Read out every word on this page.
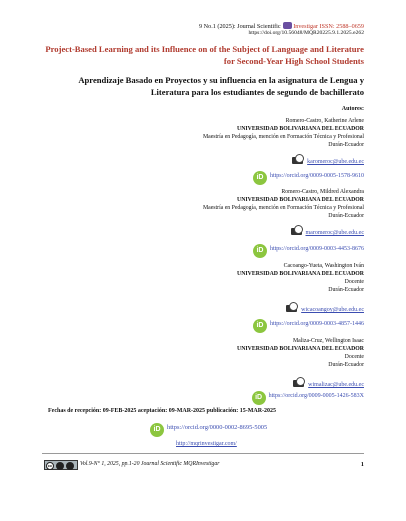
9 No.1 (2025): Journal Scientific Investigar ISSN: 2588–0659
https://doi.org/10.56048/MQR20225.9.1.2025.e262
Project-Based Learning and its Influence on of the Subject of Language and Literature for Second-Year High School Students
Aprendizaje Basado en Proyectos y su influencia en la asignatura de Lengua y Literatura para los estudiantes de segundo de bachillerato
Autores:
Romero-Castro, Katherine Arlene
UNIVERSIDAD BOLIVARIANA DEL ECUADOR
Maestría en Pedagogía, mención en Formación Técnica y Profesional
Durán-Ecuador
karomeroc@ube.edu.ec
iD https://orcid.org/0009-0005-1578-9610
Romero-Castro, Mildred Alexandra
UNIVERSIDAD BOLIVARIANA DEL ECUADOR
Maestría en Pedagogía, mención en Formación Técnica y Profesional
Durán-Ecuador
maromeroc@ube.edu.ec
iD https://orcid.org/0009-0003-4453-8676
Cacoango-Yueta, Washington Iván
UNIVERSIDAD BOLIVARIANA DEL ECUADOR
Docente
Durán-Ecuador
wicacoangoy@ube.edu.ec
iD https://orcid.org/0009-0003-4857-1446
Maliza-Cruz, Wellington Isaac
UNIVERSIDAD BOLIVARIANA DEL ECUADOR
Docente
Durán-Ecuador
wimalizac@ube.edu.ec
iD https://orcid.org/0009-0005-1426-583X
Fechas de recepción: 09-FEB-2025 aceptación: 09-MAR-2025 publicación: 15-MAR-2025
iD https://orcid.org/0000-0002-8695-5005
http://mqrinvestigar.com/
cc	Vol.9-N° 1, 2025, pp.1-20 Journal Scientific MQRInvestigar	1
